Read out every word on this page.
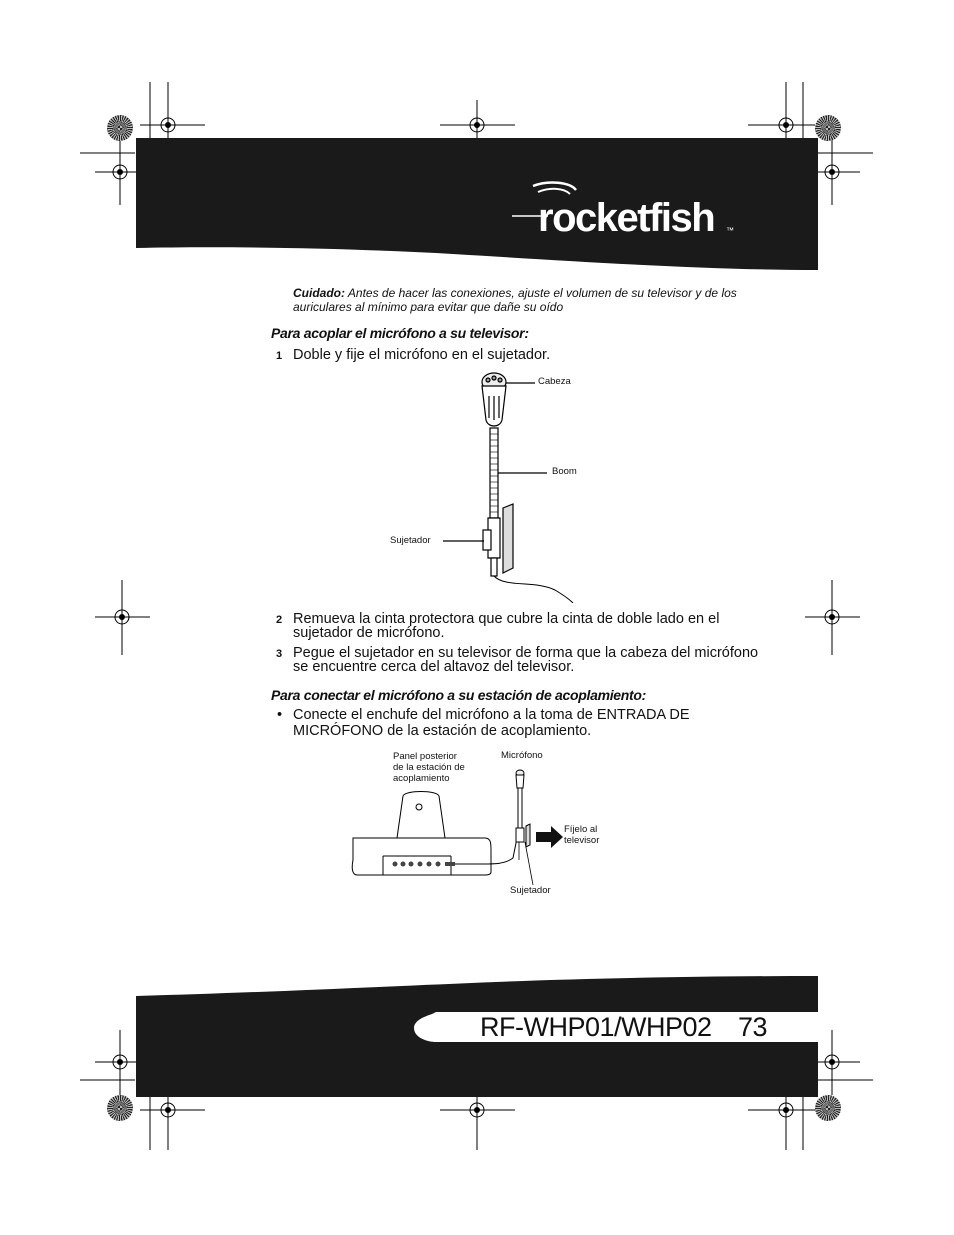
rocketfish ™
Cuidado: Antes de hacer las conexiones, ajuste el volumen de su televisor y de los auriculares al mínimo para evitar que dañe su oído
Para acoplar el micrófono a su televisor:
1 Doble y fije el micrófono en el sujetador.
Cabeza
Boom
Sujetador
2 Remueva la cinta protectora que cubre la cinta de doble lado en el
sujetador de micrófono.
3 Pegue el sujetador en su televisor de forma que la cabeza del micrófono
se encuentre cerca del altavoz del televisor.
Para conectar el micrófono a su estación de acoplamiento:
• Conecte el enchufe del micrófono a la toma de ENTRADA DE
MICRÓFONO de la estación de acoplamiento.
Panel posterior
de la estación de
acoplamiento
Micrófono
Fíjelo al
televisor
Sujetador
RF-WHP01/WHP02 73
